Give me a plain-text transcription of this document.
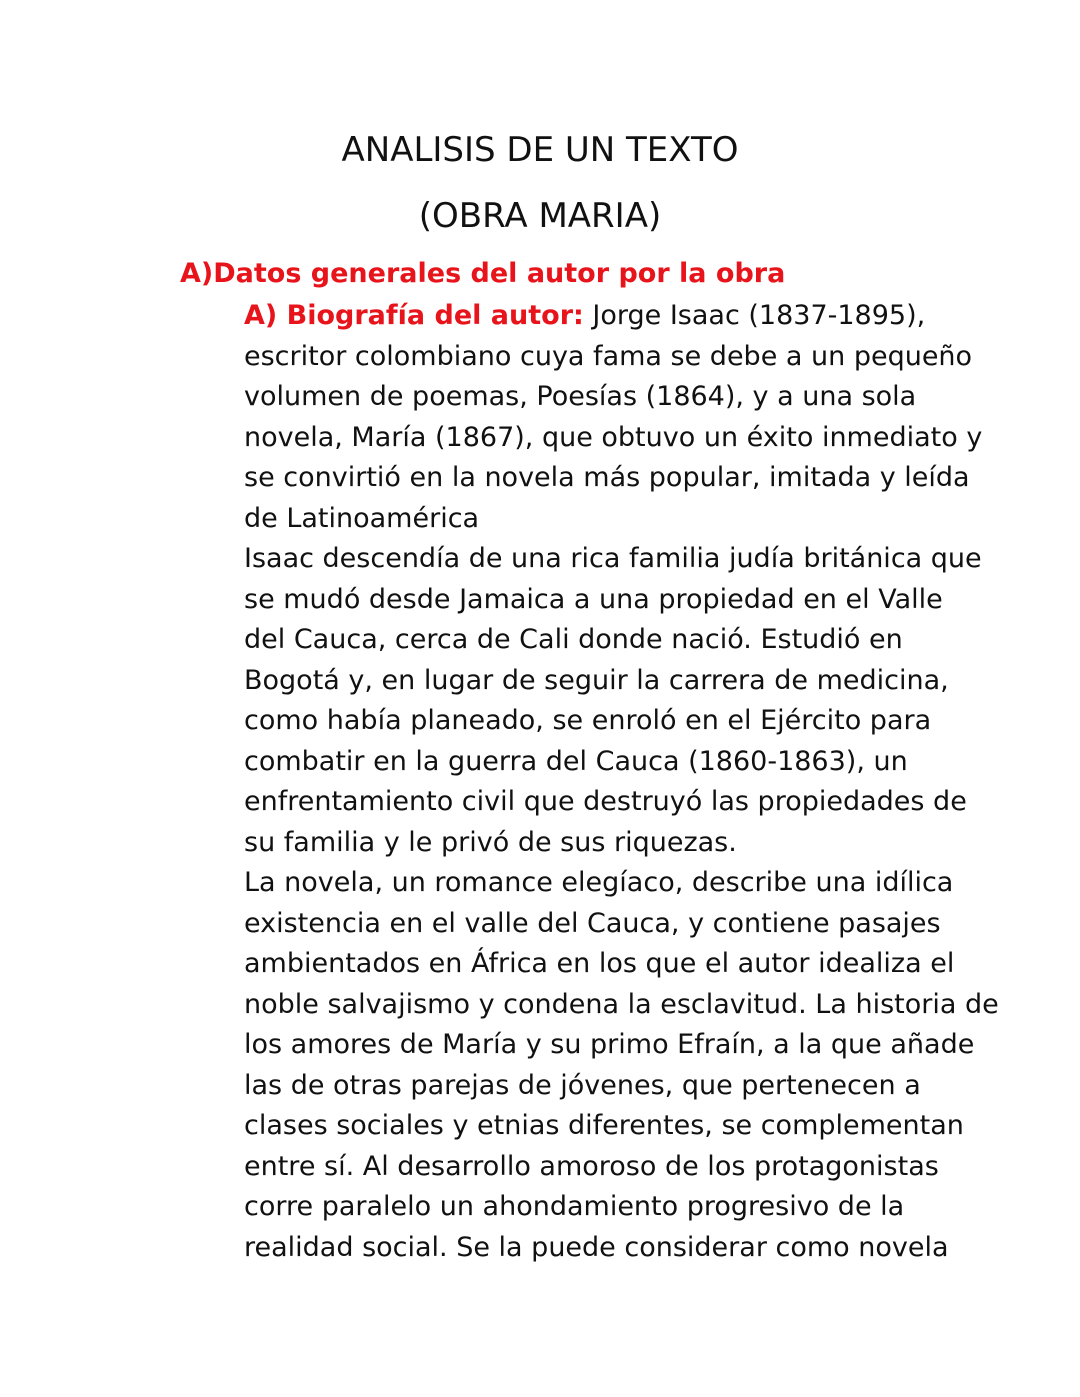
ANALISIS DE UN TEXTO
(OBRA MARIA)
A)Datos generales del autor por la obra
A) Biografía del autor: Jorge Isaac (1837-1895),
escritor colombiano cuya fama se debe a un pequeño
volumen de poemas, Poesías (1864), y a una sola
novela, María (1867), que obtuvo un éxito inmediato y
se convirtió en la novela más popular, imitada y leída
de Latinoamérica
Isaac descendía de una rica familia judía británica que
se mudó desde Jamaica a una propiedad en el Valle
del Cauca, cerca de Cali donde nació. Estudió en
Bogotá y, en lugar de seguir la carrera de medicina,
como había planeado, se enroló en el Ejército para
combatir en la guerra del Cauca (1860-1863), un
enfrentamiento civil que destruyó las propiedades de
su familia y le privó de sus riquezas.
La novela, un romance elegíaco, describe una idílica
existencia en el valle del Cauca, y contiene pasajes
ambientados en África en los que el autor idealiza el
noble salvajismo y condena la esclavitud. La historia de
los amores de María y su primo Efraín, a la que añade
las de otras parejas de jóvenes, que pertenecen a
clases sociales y etnias diferentes, se complementan
entre sí. Al desarrollo amoroso de los protagonistas
corre paralelo un ahondamiento progresivo de la
realidad social. Se la puede considerar como novela
